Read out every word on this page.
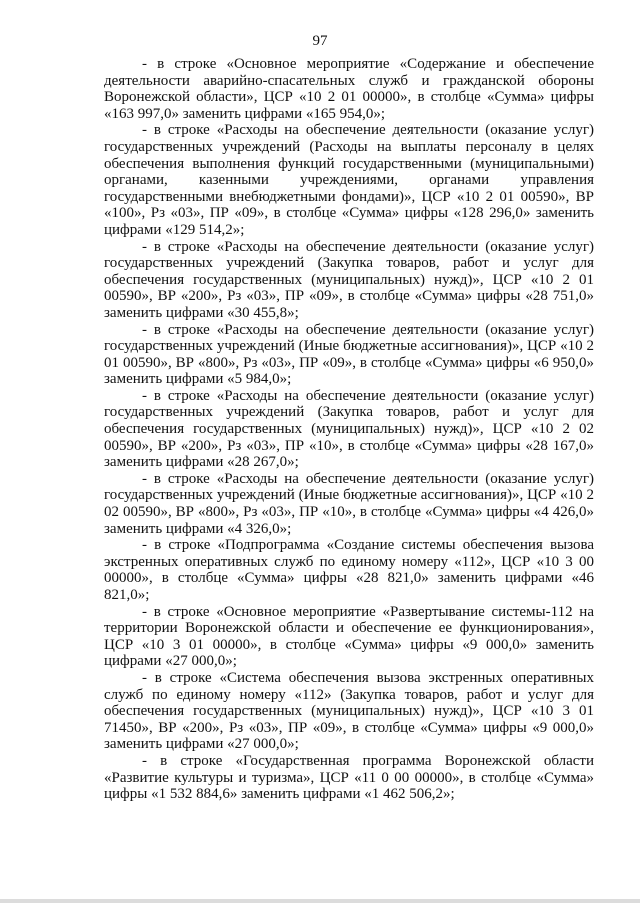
97

- в строке «Основное мероприятие «Содержание и обеспечение деятельности аварийно-спасательных служб и гражданской обороны Воронежской области», ЦСР «10 2 01 00000», в столбце «Сумма» цифры «163 997,0» заменить цифрами «165 954,0»;

- в строке «Расходы на обеспечение деятельности (оказание услуг) государственных учреждений (Расходы на выплаты персоналу в целях обеспечения выполнения функций государственными (муниципальными) органами, казенными учреждениями, органами управления государственными внебюджетными фондами)», ЦСР «10 2 01 00590», ВР «100», Рз «03», ПР «09», в столбце «Сумма» цифры «128 296,0» заменить цифрами «129 514,2»;

- в строке «Расходы на обеспечение деятельности (оказание услуг) государственных учреждений (Закупка товаров, работ и услуг для обеспечения государственных (муниципальных) нужд)», ЦСР «10 2 01 00590», ВР «200», Рз «03», ПР «09», в столбце «Сумма» цифры «28 751,0» заменить цифрами «30 455,8»;

- в строке «Расходы на обеспечение деятельности (оказание услуг) государственных учреждений (Иные бюджетные ассигнования)», ЦСР «10 2 01 00590», ВР «800», Рз «03», ПР «09», в столбце «Сумма» цифры «6 950,0» заменить цифрами «5 984,0»;

- в строке «Расходы на обеспечение деятельности (оказание услуг) государственных учреждений (Закупка товаров, работ и услуг для обеспечения государственных (муниципальных) нужд)», ЦСР «10 2 02 00590», ВР «200», Рз «03», ПР «10», в столбце «Сумма» цифры «28 167,0» заменить цифрами «28 267,0»;

- в строке «Расходы на обеспечение деятельности (оказание услуг) государственных учреждений (Иные бюджетные ассигнования)», ЦСР «10 2 02 00590», ВР «800», Рз «03», ПР «10», в столбце «Сумма» цифры «4 426,0» заменить цифрами «4 326,0»;

- в строке «Подпрограмма «Создание системы обеспечения вызова экстренных оперативных служб по единому номеру «112», ЦСР «10 3 00 00000», в столбце «Сумма» цифры «28 821,0» заменить цифрами «46 821,0»;

- в строке «Основное мероприятие «Развертывание системы-112 на территории Воронежской области и обеспечение ее функционирования», ЦСР «10 3 01 00000», в столбце «Сумма» цифры «9 000,0» заменить цифрами «27 000,0»;

- в строке «Система обеспечения вызова экстренных оперативных служб по единому номеру «112» (Закупка товаров, работ и услуг для обеспечения государственных (муниципальных) нужд)», ЦСР «10 3 01 71450», ВР «200», Рз «03», ПР «09», в столбце «Сумма» цифры «9 000,0» заменить цифрами «27 000,0»;

- в строке «Государственная программа Воронежской области «Развитие культуры и туризма», ЦСР «11 0 00 00000», в столбце «Сумма» цифры «1 532 884,6» заменить цифрами «1 462 506,2»;
